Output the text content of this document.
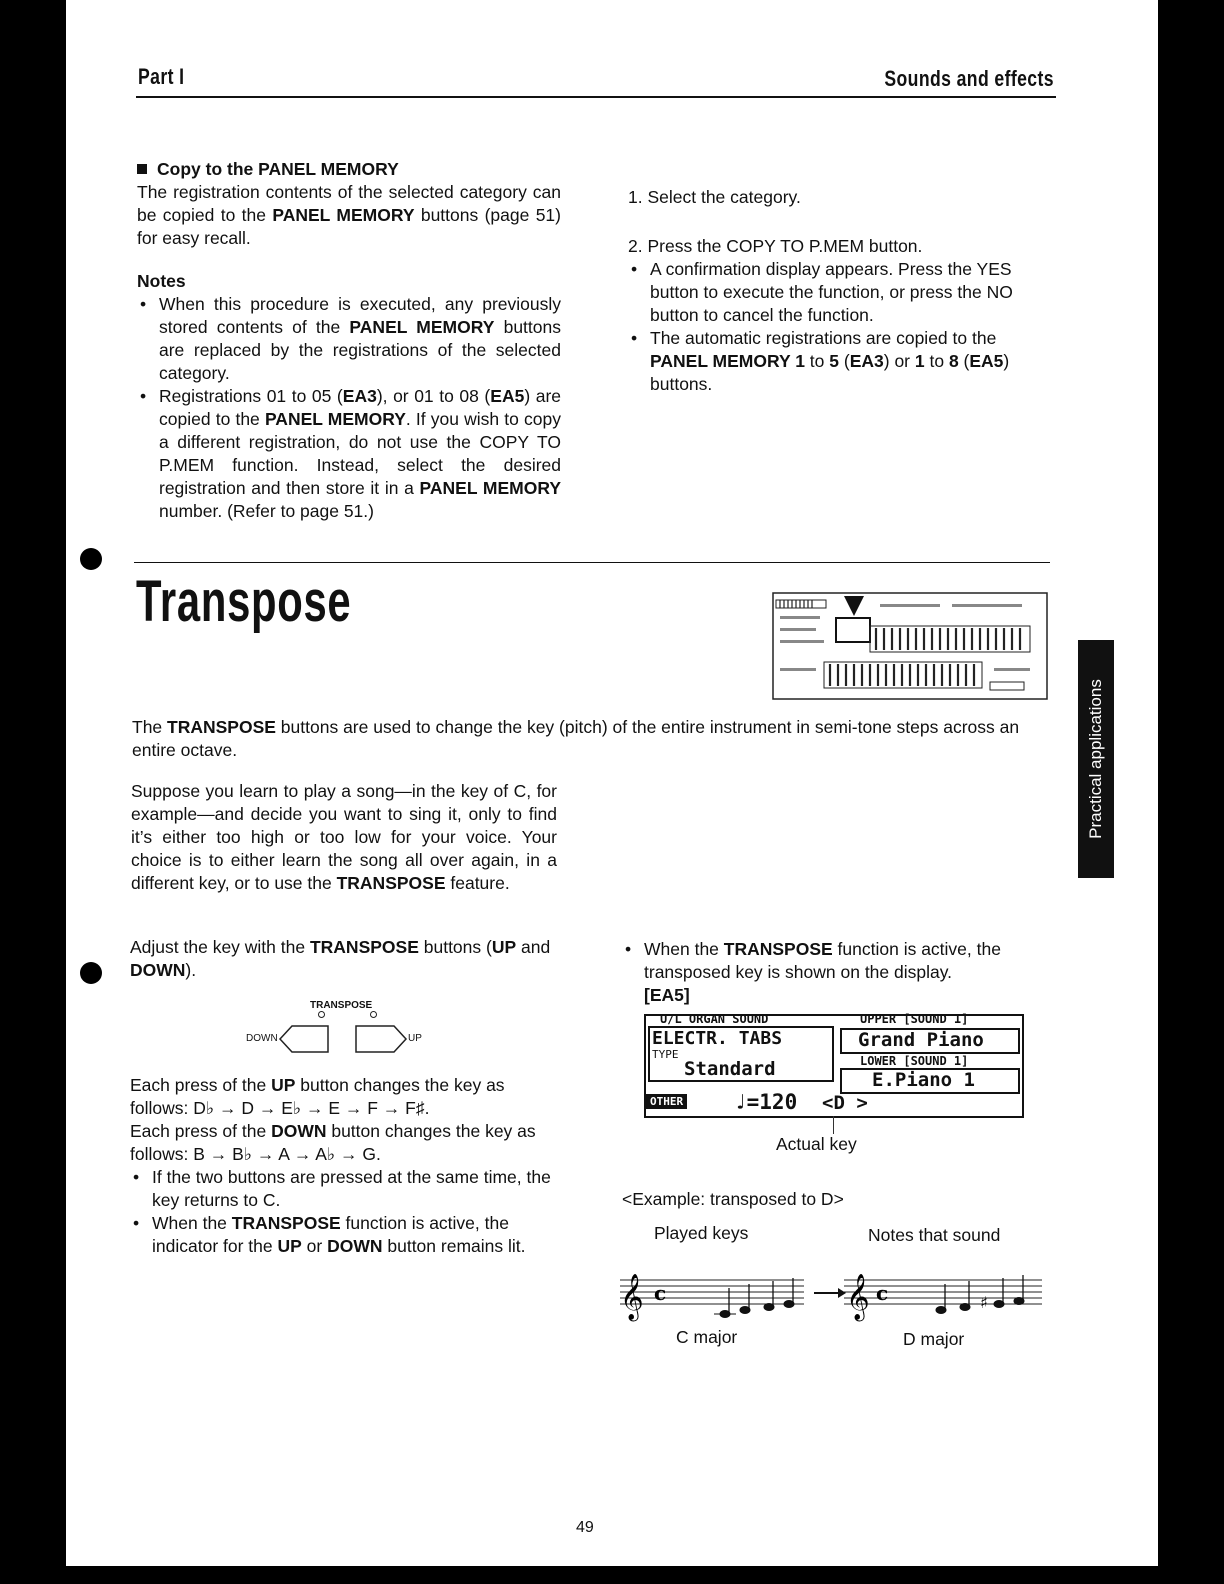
Part I	Sounds and effects

Copy to the PANEL MEMORY

The registration contents of the selected category can be copied to the PANEL MEMORY buttons (page 51) for easy recall.

Notes

• When this procedure is executed, any previously stored contents of the PANEL MEMORY buttons are replaced by the registrations of the selected category.
• Registrations 01 to 05 (EA3), or 01 to 08 (EA5) are copied to the PANEL MEMORY. If you wish to copy a different registration, do not use the COPY TO P.MEM function. Instead, select the desired registration and then store it in a PANEL MEMORY number. (Refer to page 51.)

1. Select the category.

2. Press the COPY TO P.MEM button.

• A confirmation display appears. Press the YES button to execute the function, or press the NO button to cancel the function.
• The automatic registrations are copied to the PANEL MEMORY 1 to 5 (EA3) or 1 to 8 (EA5) buttons.
Transpose
The TRANSPOSE buttons are used to change the key (pitch) of the entire instrument in semi-tone steps across an entire octave.
Suppose you learn to play a song—in the key of C, for example—and decide you want to sing it, only to find it’s either too high or too low for your voice. Your choice is to either learn the song all over again, in a different key, or to use the TRANSPOSE feature.
Practical applications
Adjust the key with the TRANSPOSE buttons (UP and DOWN).
TRANSPOSE
DOWN	UP

Each press of the UP button changes the key as follows: D♭ → D → E♭ → E → F → F♯.

Each press of the DOWN button changes the key as follows: B → B♭ → A → A♭ → G.

• If the two buttons are pressed at the same time, the key returns to C.
• When the TRANSPOSE function is active, the indicator for the UP or DOWN button remains lit.
• When the TRANSPOSE function is active, the transposed key is shown on the display.

[EA5]

U/L ORGAN SOUND
ELECTR. TABS
TYPE
Standard
UPPER [SOUND 1]
Grand Piano
LOWER [SOUND 1]
E.Piano 1
OTHER ♩=120 <D >
Actual key
<Example: transposed to D>
Played keys	Notes that sound
𝄞	𝄞
c	c	♯
C major	D major
49
